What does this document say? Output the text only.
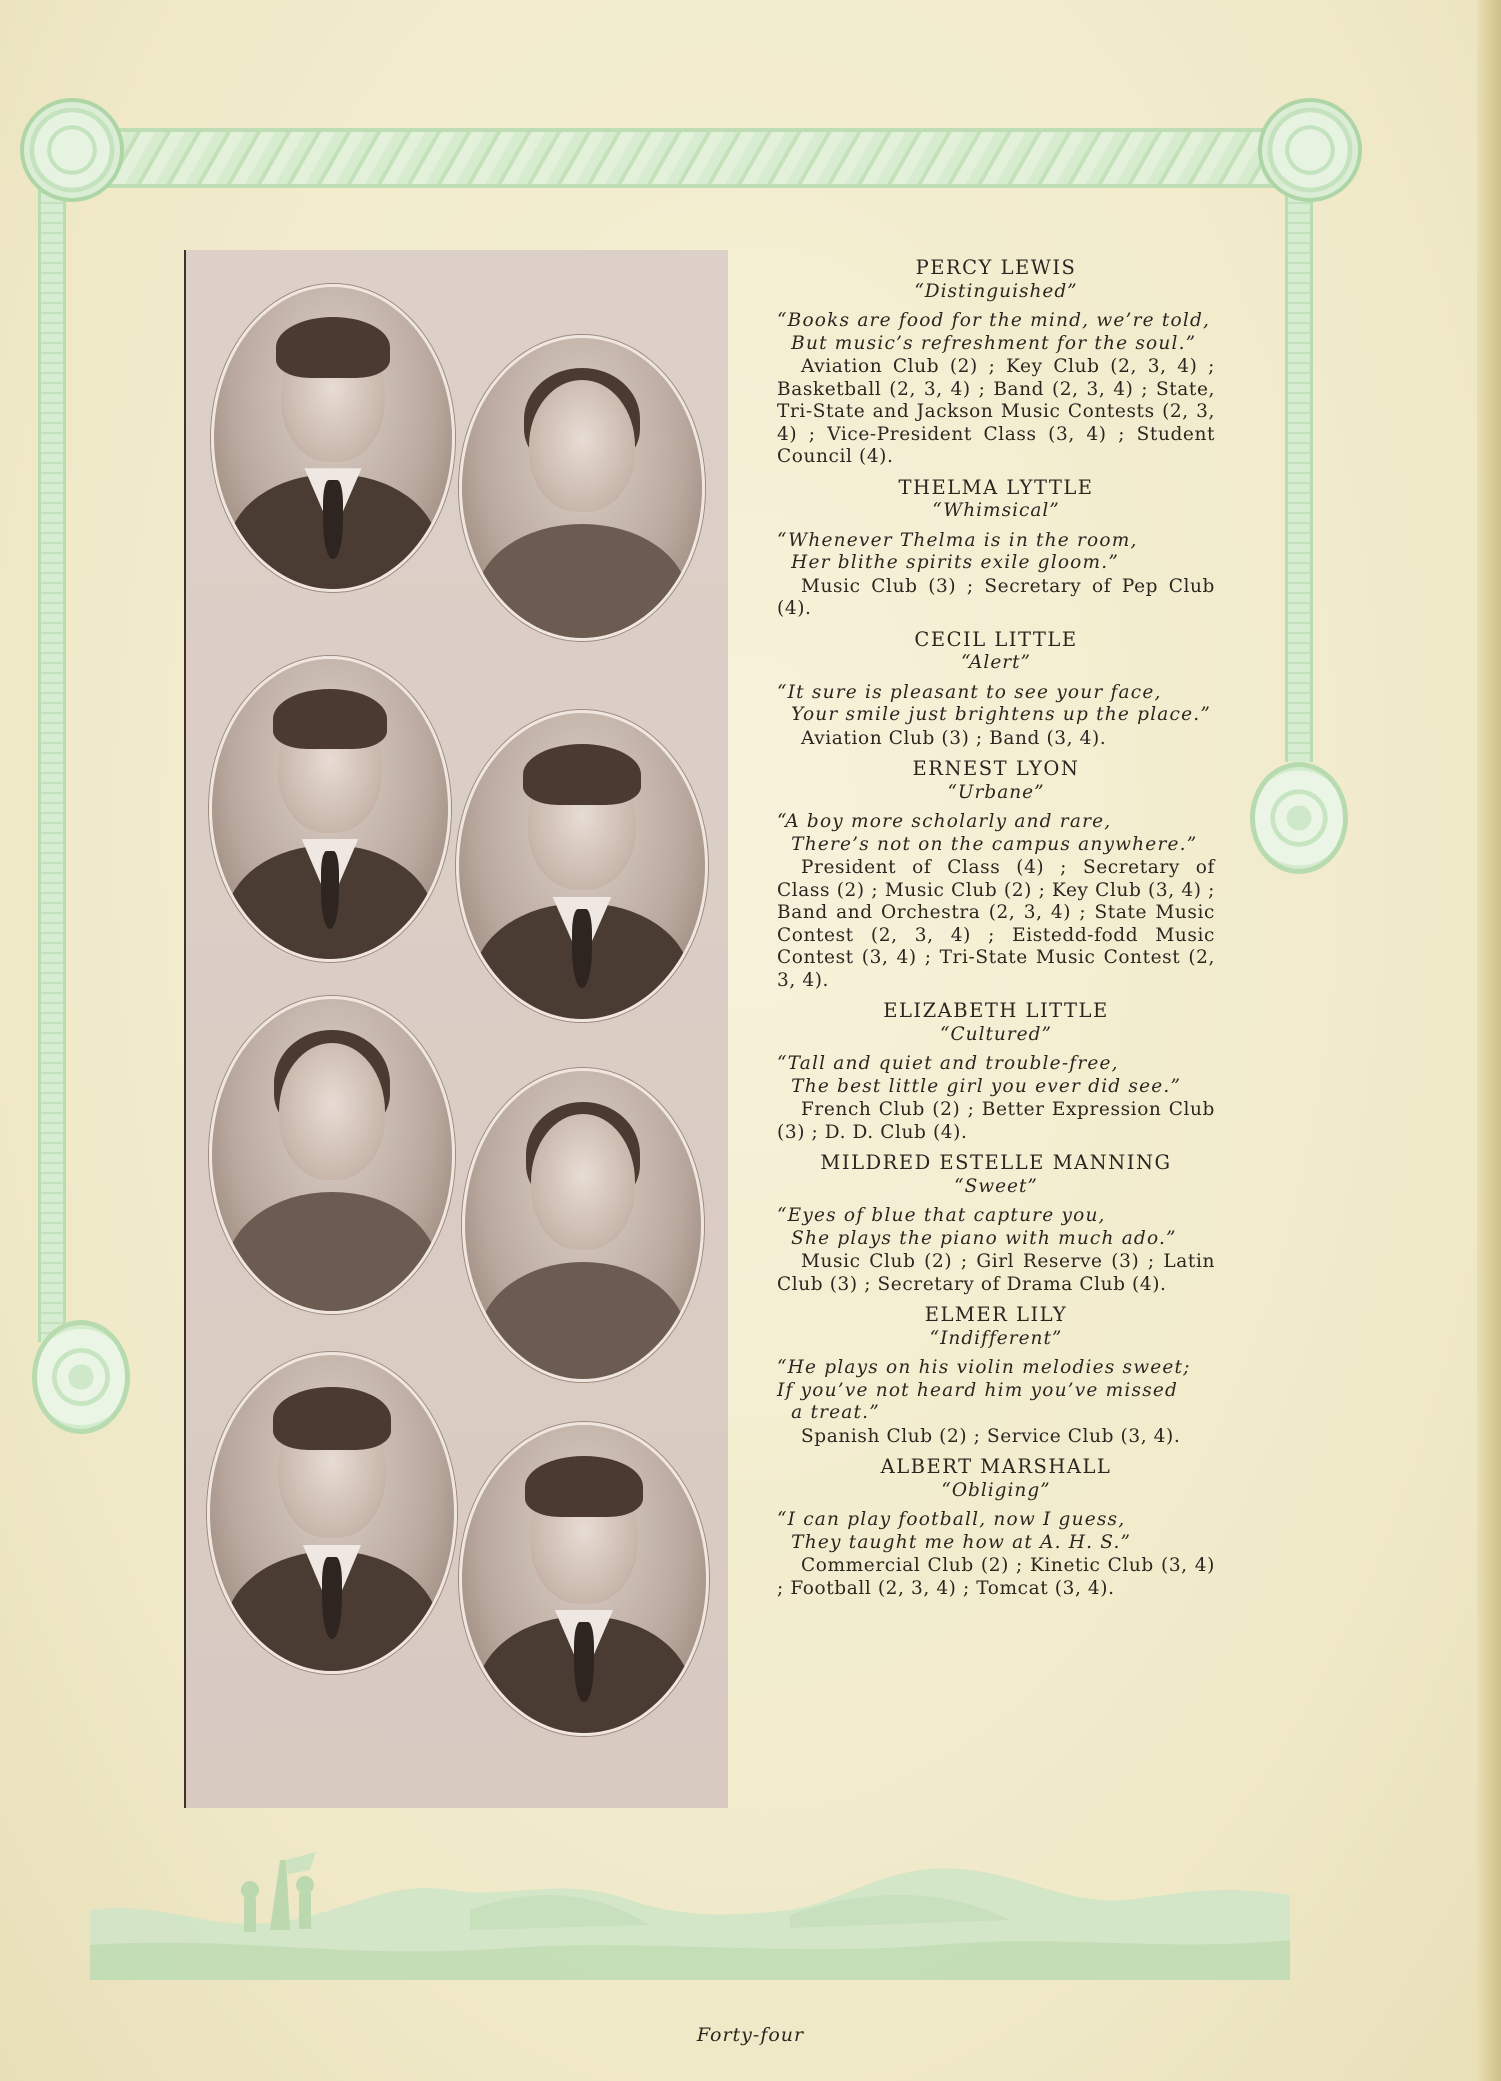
PERCY LEWIS
“Distinguished”
“Books are food for the mind, we’re told,
But music’s refreshment for the soul.”
Aviation Club (2) ; Key Club (2, 3, 4) ; Basketball (2, 3, 4) ; Band (2, 3, 4) ; State, Tri-State and Jackson Music Contests (2, 3, 4) ; Vice-President Class (3, 4) ; Student Council (4).
THELMA LYTTLE
“Whimsical”
“Whenever Thelma is in the room,
Her blithe spirits exile gloom.”
Music Club (3) ; Secretary of Pep Club (4).
CECIL LITTLE
“Alert”
“It sure is pleasant to see your face,
Your smile just brightens up the place.”
Aviation Club (3) ; Band (3, 4).
ERNEST LYON
“Urbane”
“A boy more scholarly and rare,
There’s not on the campus anywhere.”
President of Class (4) ; Secretary of Class (2) ; Music Club (2) ; Key Club (3, 4) ; Band and Orchestra (2, 3, 4) ; State Music Contest (2, 3, 4) ; Eistedd-fodd Music Contest (3, 4) ; Tri-State Music Contest (2, 3, 4).
ELIZABETH LITTLE
“Cultured”
“Tall and quiet and trouble-free,
The best little girl you ever did see.”
French Club (2) ; Better Expression Club (3) ; D. D. Club (4).
MILDRED ESTELLE MANNING
“Sweet”
“Eyes of blue that capture you,
She plays the piano with much ado.”
Music Club (2) ; Girl Reserve (3) ; Latin Club (3) ; Secretary of Drama Club (4).
ELMER LILY
“Indifferent”
“He plays on his violin melodies sweet;
If you’ve not heard him you’ve missed
a treat.”
Spanish Club (2) ; Service Club (3, 4).
ALBERT MARSHALL
“Obliging”
“I can play football, now I guess,
They taught me how at A. H. S.”
Commercial Club (2) ; Kinetic Club (3, 4) ; Football (2, 3, 4) ; Tomcat (3, 4).
Forty-four
